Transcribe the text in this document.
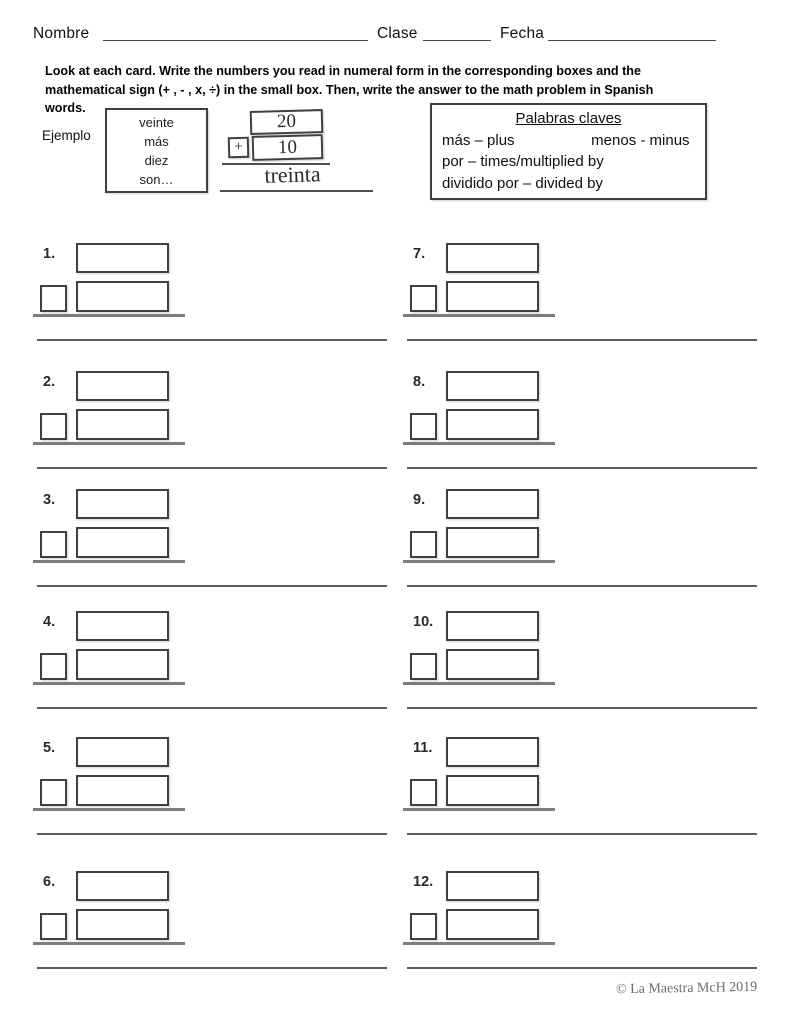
Nombre	Clase	Fecha
Look at each card. Write the numbers you read in numeral form in the corresponding boxes and the
mathematical sign (+ , - , x, ÷) in the small box. Then, write the answer to the math problem in Spanish
words.
Ejemplo
veinte
más
diez
son…
20
+	10
treinta
Palabras claves
más – plus	menos - minus
por – times/multiplied by
dividido por – divided by
1.
2.
3.
4.
5.
6.
7.
8.
9.
10.
11.
12.
© La Maestra McH 2019
